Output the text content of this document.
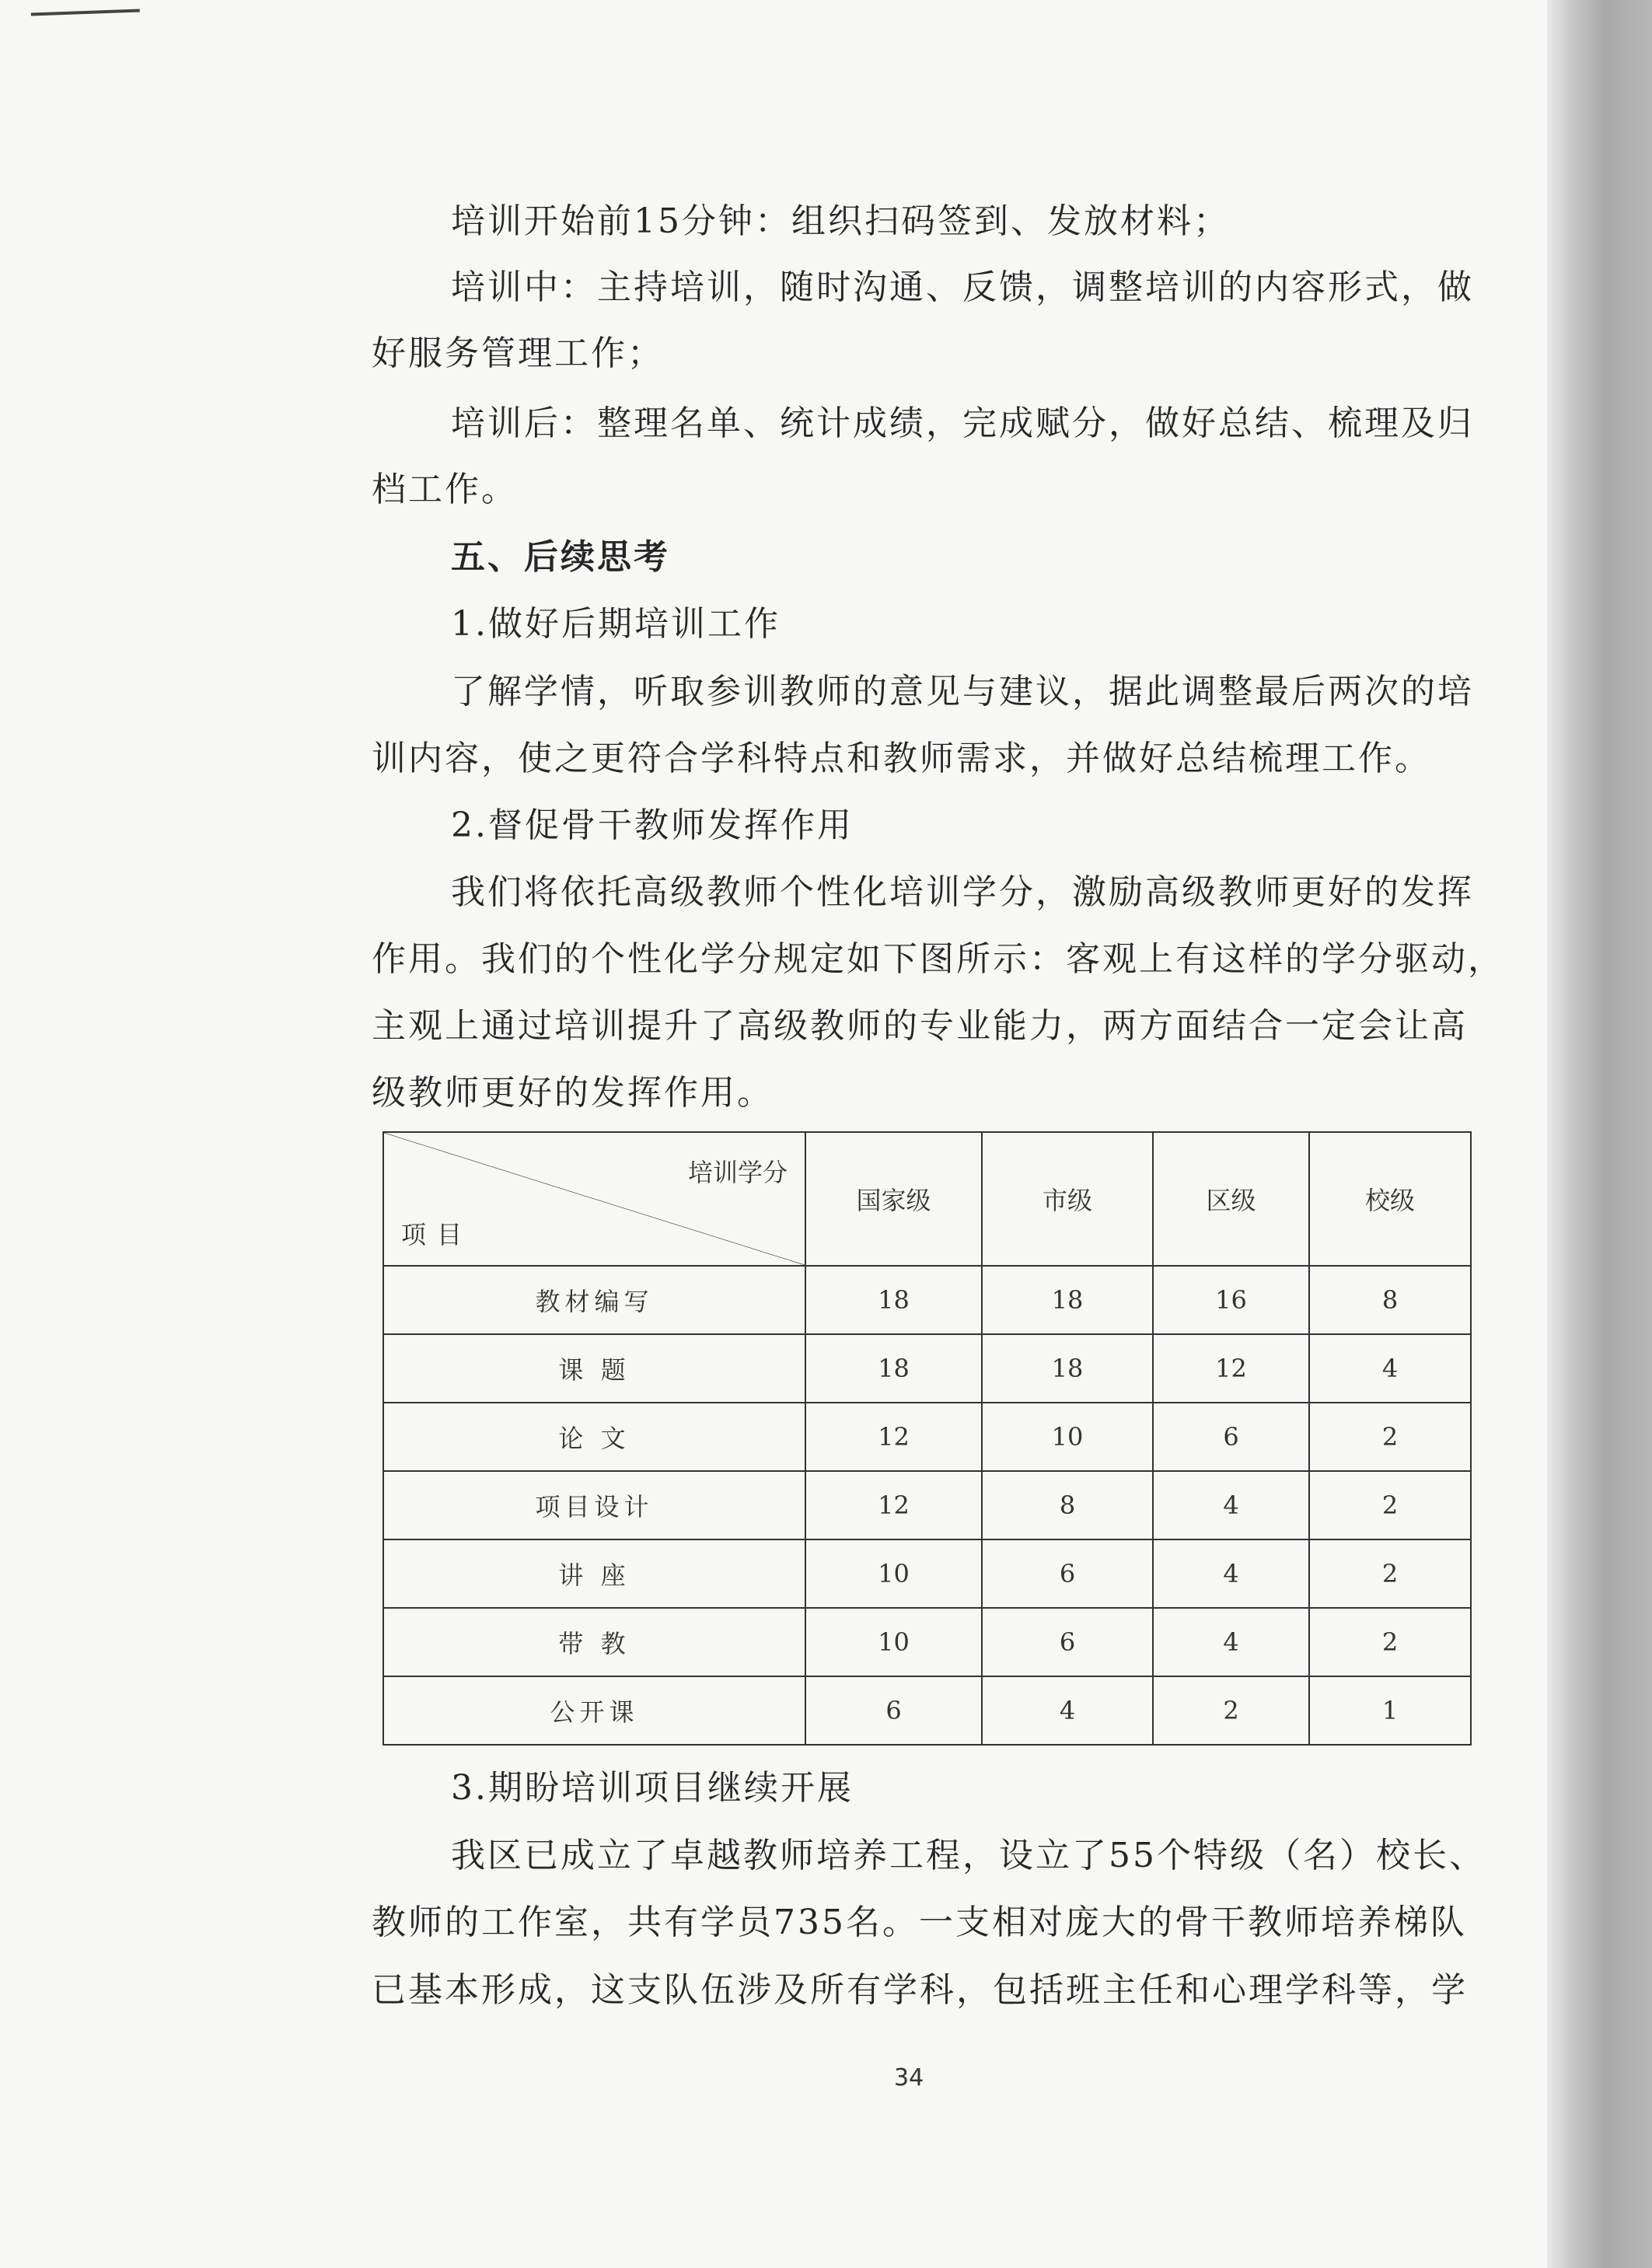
培训开始前15分钟：组织扫码签到、发放材料；
培训中：主持培训，随时沟通、反馈，调整培训的内容形式，做
好服务管理工作；
培训后：整理名单、统计成绩，完成赋分，做好总结、梳理及归
档工作。
五、后续思考
1.做好后期培训工作
了解学情，听取参训教师的意见与建议，据此调整最后两次的培
训内容，使之更符合学科特点和教师需求，并做好总结梳理工作。
2.督促骨干教师发挥作用
我们将依托高级教师个性化培训学分，激励高级教师更好的发挥
作用。我们的个性化学分规定如下图所示：客观上有这样的学分驱动，
主观上通过培训提升了高级教师的专业能力，两方面结合一定会让高
级教师更好的发挥作用。
培训学分
项目	国家级	市级	区级	校级
教材编写	18	18	16	8
课 题	18	18	12	4
论 文	12	10	6	2
项目设计	12	8	4	2
讲 座	10	6	4	2
带 教	10	6	4	2
公开课	6	4	2	1
3.期盼培训项目继续开展
我区已成立了卓越教师培养工程，设立了55个特级（名）校长、
教师的工作室，共有学员735名。一支相对庞大的骨干教师培养梯队
已基本形成，这支队伍涉及所有学科，包括班主任和心理学科等，学
34
